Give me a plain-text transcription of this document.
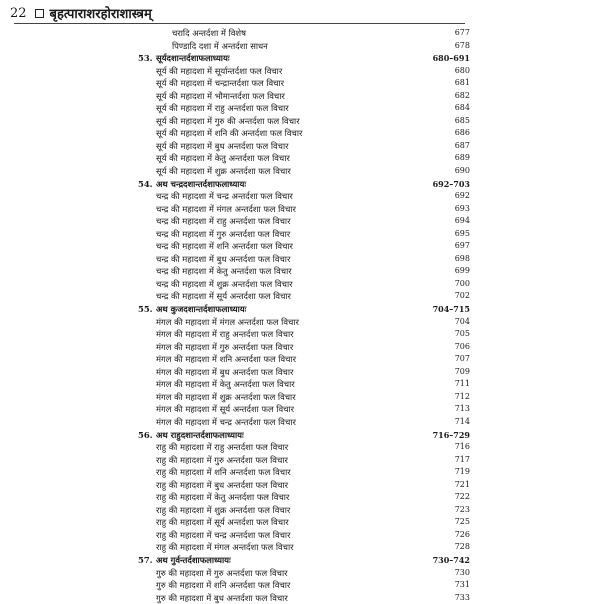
22 बृहत्पाराशरहोराशास्त्रम्
चरादि अन्तर्दशा में विशेष	677
पिण्डादि दशा में अन्तर्दशा साधन	678
53. सूर्यदशान्तर्दशाफलाध्यायः	680–691
सूर्य की महादशा में सूर्यान्तर्दशा फल विचार	680
सूर्य की महादशा में चन्द्रान्तर्दशा फल विचार	681
सूर्य की महादशा में भौमान्तर्दशा फल विचार	682
सूर्य की महादशा में राहु अन्तर्दशा फल विचार	684
सूर्य की महादशा में गुरु की अन्तर्दशा फल विचार	685
सूर्य की महादशा में शनि की अन्तर्दशा फल विचार	686
सूर्य की महादशा में बुध अन्तर्दशा फल विचार	687
सूर्य की महादशा में केतु अन्तर्दशा फल विचार	689
सूर्य की महादशा में शुक्र अन्तर्दशा फल विचार	690
54. अथ चन्द्रदशान्तर्दशाफलाध्यायः	692–703
चन्द्र की महादशा में चन्द्र अन्तर्दशा फल विचार	692
चन्द्र की महादशा में मंगल अन्तर्दशा फल विचार	693
चन्द्र की महादशा में राहु अन्तर्दशा फल विचार	694
चन्द्र की महादशा में गुरु अन्तर्दशा फल विचार	695
चन्द्र की महादशा में शनि अन्तर्दशा फल विचार	697
चन्द्र की महादशा में बुध अन्तर्दशा फल विचार	698
चन्द्र की महादशा में केतु अन्तर्दशा फल विचार	699
चन्द्र की महादशा में शुक्र अन्तर्दशा फल विचार	700
चन्द्र की महादशा में सूर्य अन्तर्दशा फल विचार	702
55. अथ कुजदशान्तर्दशाफलाध्यायः	704–715
मंगल की महादशा में मंगल अन्तर्दशा फल विचार	704
मंगल की महादशा में राहु अन्तर्दशा फल विचार	705
मंगल की महादशा में गुरु अन्तर्दशा फल विचार	706
मंगल की महादशा में शनि अन्तर्दशा फल विचार	707
मंगल की महादशा में बुध अन्तर्दशा फल विचार	709
मंगल की महादशा में केतु अन्तर्दशा फल विचार	711
मंगल की महादशा में शुक्र अन्तर्दशा फल विचार	712
मंगल की महादशा में सूर्य अन्तर्दशा फल विचार	713
मंगल की महादशा में चन्द्र अन्तर्दशा फल विचार	714
56. अथ राहुदशान्तर्दशाफलाध्यायः	716–729
राहु की महादशा में राहु अन्तर्दशा फल विचार	716
राहु की महादशा में गुरु अन्तर्दशा फल विचार	717
राहु की महादशा में शनि अन्तर्दशा फल विचार	719
राहु की महादशा में बुध अन्तर्दशा फल विचार	721
राहु की महादशा में केतु अन्तर्दशा फल विचार	722
राहु की महादशा में शुक्र अन्तर्दशा फल विचार	723
राहु की महादशा में सूर्य अन्तर्दशा फल विचार	725
राहु की महादशा में चन्द्र अन्तर्दशा फल विचार	726
राहु की महादशा में मंगल अन्तर्दशा फल विचार	728
57. अथ गुर्वन्तर्दशाफलाध्यायः	730–742
गुरु की महादशा में गुरु अन्तर्दशा फल विचार	730
गुरु की महादशा में शनि अन्तर्दशा फल विचार	731
गुरु की महादशा में बुध अन्तर्दशा फल विचार	733
